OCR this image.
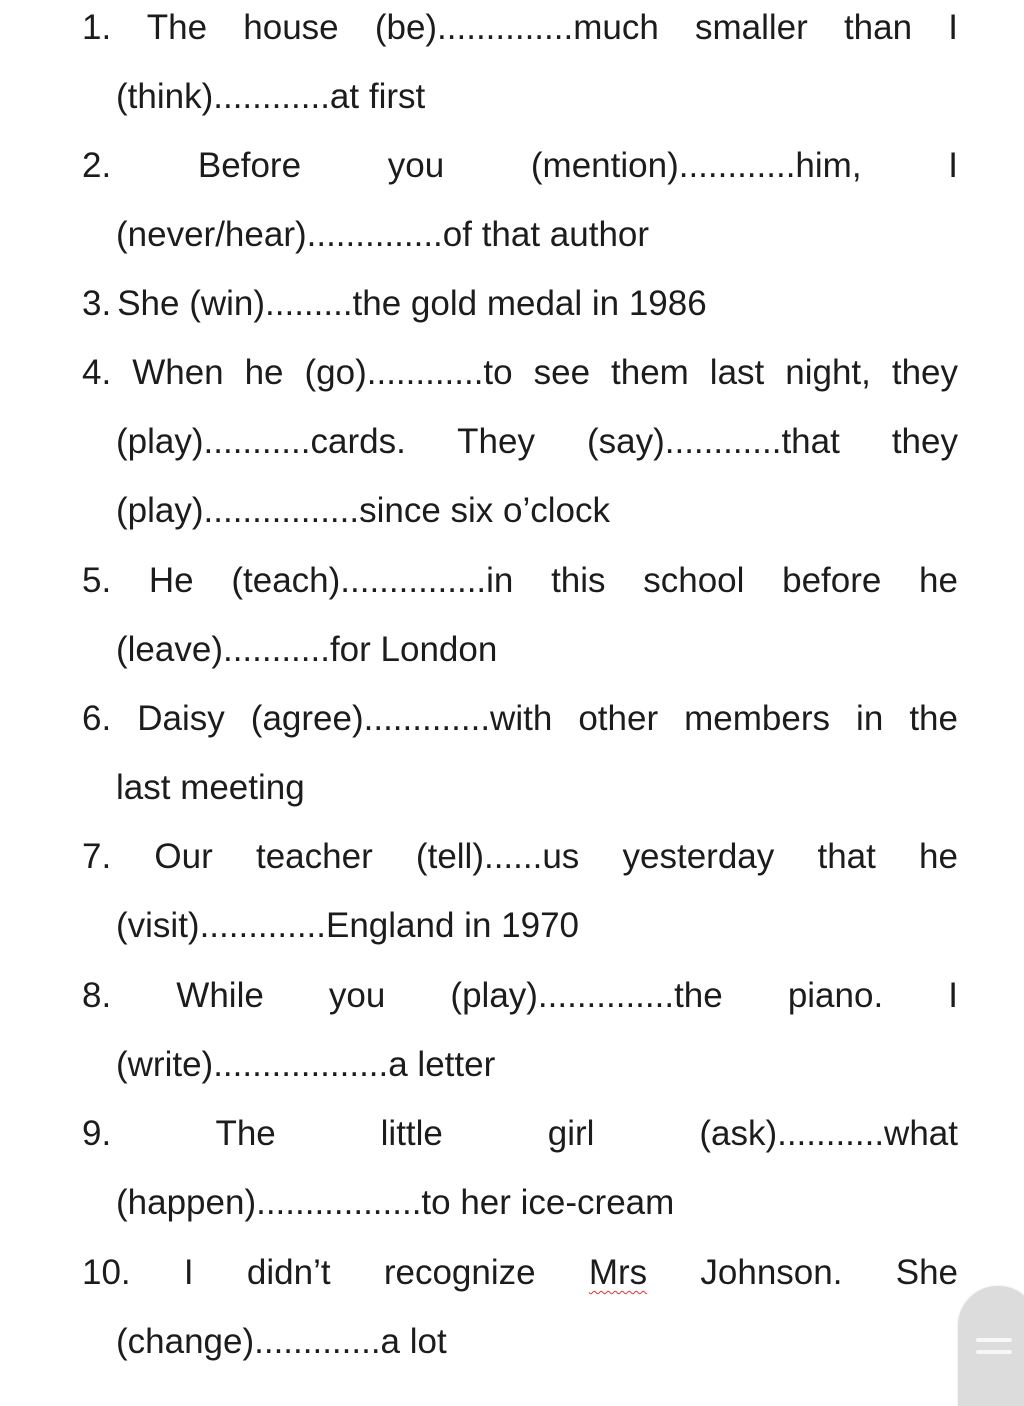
1. The house (be)..............much smaller than I
(think)............at first
2. Before you (mention)............him, I
(never/hear)..............of that author
3. She (win).........the gold medal in 1986
4. When he (go)............to see them last night, they
(play)...........cards. They (say)............that they
(play)................since six o’clock
5. He (teach)...............in this school before he
(leave)...........for London
6. Daisy (agree).............with other members in the
last meeting
7. Our teacher (tell)......us yesterday that he
(visit).............England in 1970
8. While you (play)..............the piano. I
(write)..................a letter
9.	The little girl (ask)...........what
(happen).................to her ice-cream
10. I didn’t recognize Mrs Johnson. She
(change).............a lot
